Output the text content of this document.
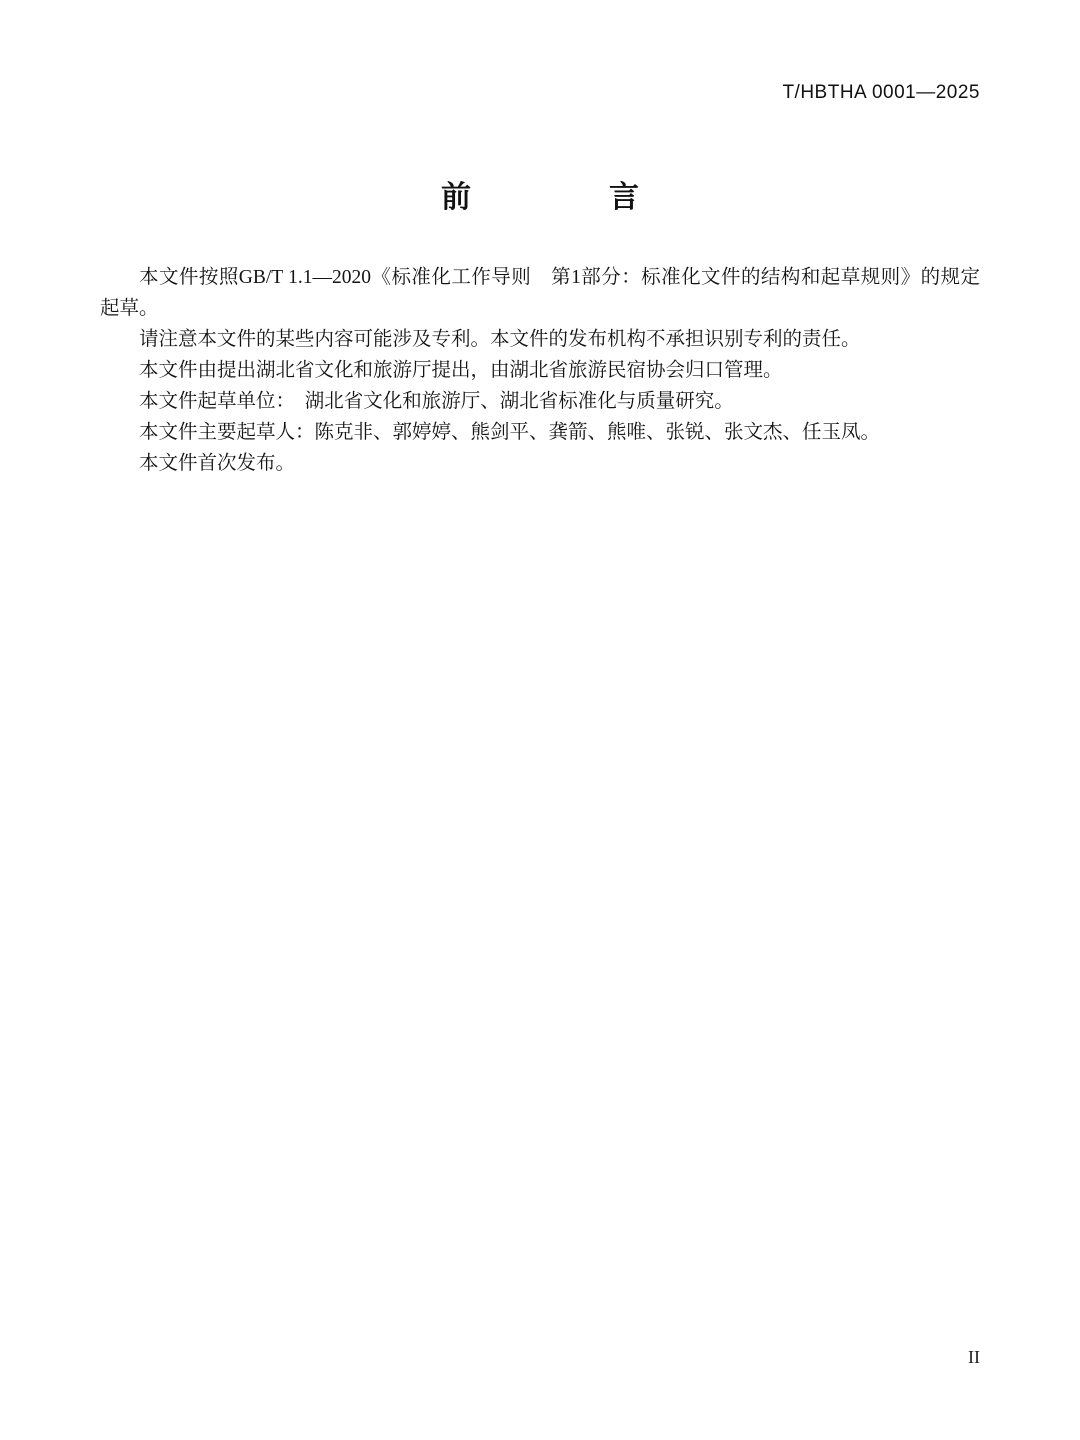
T/HBTHA 0001—2025
前　　言

本文件按照GB/T 1.1—2020《标准化工作导则　第1部分：标准化文件的结构和起草规则》的规定起草。

请注意本文件的某些内容可能涉及专利。本文件的发布机构不承担识别专利的责任。

本文件由提出湖北省文化和旅游厅提出，由湖北省旅游民宿协会归口管理。

本文件起草单位：　湖北省文化和旅游厅、湖北省标准化与质量研究。

本文件主要起草人：陈克非、郭婷婷、熊剑平、龚箭、熊唯、张锐、张文杰、任玉凤。

本文件首次发布。

II
